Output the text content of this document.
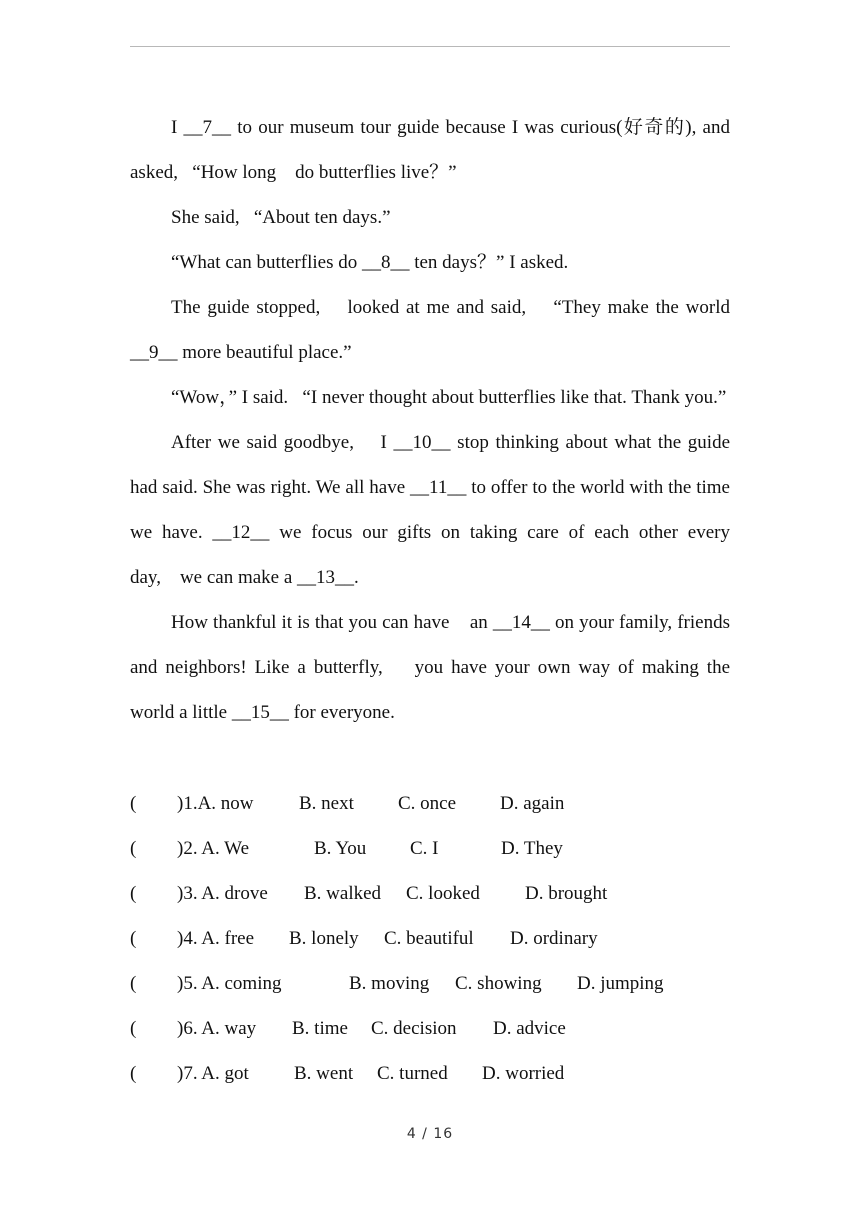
I __7__ to our museum tour guide because I was curious(好奇的), and asked,   “How long    do butterflies live？”

She said,   “About ten days.”

“What can butterflies do __8__ ten days？” I asked.

The guide stopped,    looked at me and said,    “They make the world __9__ more beautiful place.”

“Wow，” I said.   “I never thought about butterflies like that. Thank you.”

After we said goodbye,    I __10__ stop thinking about what the guide had said. She was right. We all have __11__ to offer to the world with the time we have. __12__ we focus our gifts on taking care of each other every day,    we can make a __13__.

How thankful it is that you can have    an __14__ on your family, friends and neighbors! Like a butterfly,    you have your own way of making the world a little __15__ for everyone.

( )1.A. now B. next C. once D. again
( )2. A. We	B. You C. I	D. They
( )3. A. drove B. walked C. looked D. brought
( )4. A. free B. lonely C. beautiful D. ordinary
( )5. A. coming	B. moving C. showing D. jumping
( )6. A. way B. time C. decision D. advice
( )7. A. got B. went C. turned D. worried
4 / 16
